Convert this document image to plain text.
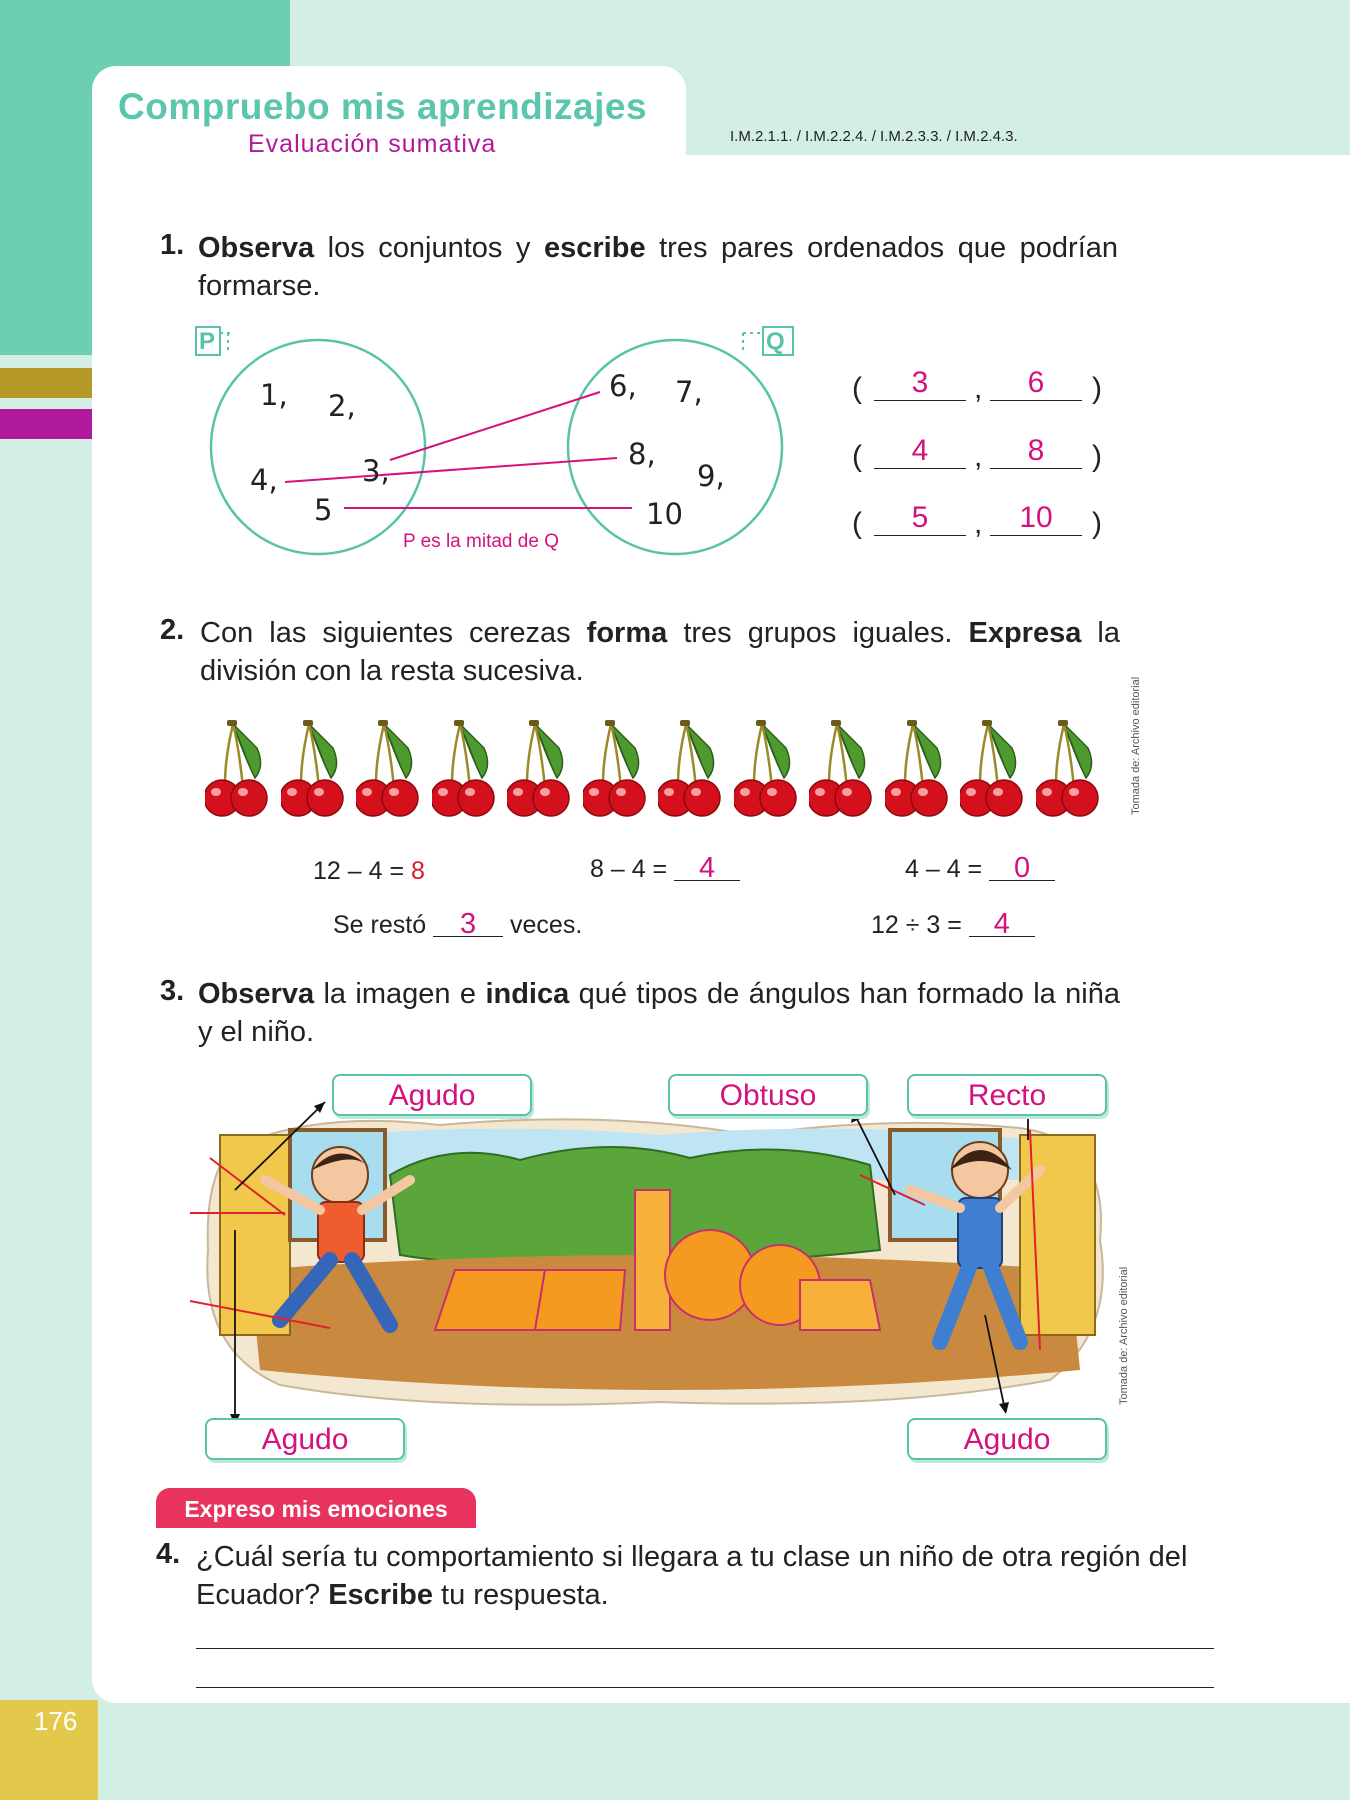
176
Compruebo mis aprendizajes
Evaluación sumativa	I.M.2.1.1. / I.M.2.2.4. / I.M.2.3.3. / I.M.2.4.3.
1. Observa los conjuntos y escribe tres pares ordenados que podrían formarse.
P	Q
1, 2,
3,
4,
5
6, 7,
8,
9,
10
P es la mitad de Q
(	3	,	6	)
(	4	,	8	)
(	5	,	10	)
2. Con las siguientes cerezas forma tres grupos iguales. Expresa la división con la resta sucesiva.
Tomada de: Archivo editorial
12 – 4 = 8	8 – 4 = 4	4 – 4 = 0
Se restó 3 veces.	12 ÷ 3 = 4
3. Observa la imagen e indica qué tipos de ángulos han formado la niña y el niño.
Tomada de: Archivo editorial
Agudo	Obtuso	Recto
Agudo	Agudo
Expreso mis emociones
4. ¿Cuál sería tu comportamiento si llegara a tu clase un niño de otra región del Ecuador? Escribe tu respuesta.
